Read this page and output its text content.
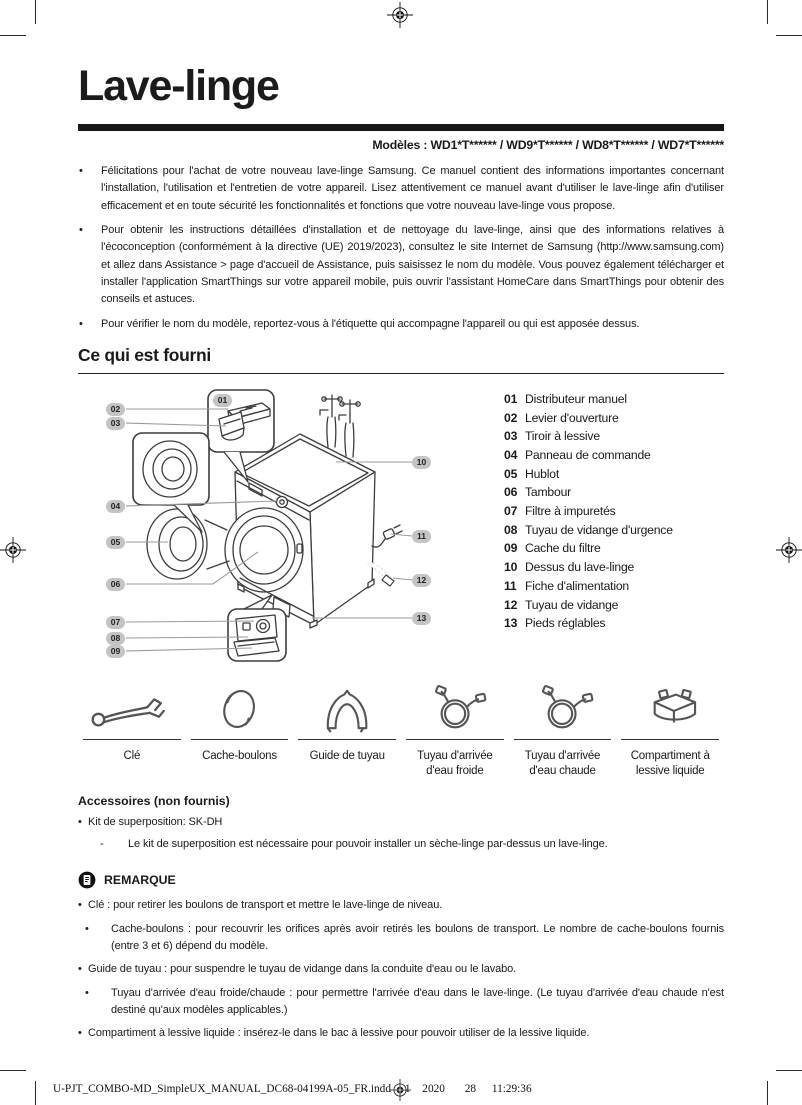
Lave-linge
Modèles : WD1*T****** / WD9*T****** / WD8*T****** / WD7*T******
• Félicitations pour l'achat de votre nouveau lave-linge Samsung. Ce manuel contient des informations importantes concernant l'installation, l'utilisation et l'entretien de votre appareil. Lisez attentivement ce manuel avant d'utiliser le lave-linge afin d'utiliser efficacement et en toute sécurité les fonctionnalités et fonctions que votre nouveau lave-linge vous propose.
• Pour obtenir les instructions détaillées d'installation et de nettoyage du lave-linge, ainsi que des informations relatives à l'écoconception (conformément à la directive (UE) 2019/2023), consultez le site Internet de Samsung (http://www.samsung.com) et allez dans Assistance > page d'accueil de Assistance, puis saisissez le nom du modèle. Vous pouvez également télécharger et installer l'application SmartThings sur votre appareil mobile, puis ouvrir l'assistant HomeCare dans SmartThings pour obtenir des conseils et astuces.
• Pour vérifier le nom du modèle, reportez-vous à l'étiquette qui accompagne l'appareil ou qui est apposée dessus.
Ce qui est fourni
01
02
03
04
05
06
07
08
09
10
11
12
13
01 Distributeur manuel
02 Levier d'ouverture
03 Tiroir à lessive
04 Panneau de commande
05 Hublot
06 Tambour
07 Filtre à impuretés
08 Tuyau de vidange d'urgence
09 Cache du filtre
10 Dessus du lave-linge
11 Fiche d'alimentation
12 Tuyau de vidange
13 Pieds réglables
Clé	Cache-boulons	Guide de tuyau	Tuyau d'arrivée
d'eau froide
Tuyau d'arrivée
d'eau chaude
Compartiment à
lessive liquide
Accessoires (non fournis)
• Kit de superposition: SK-DH
- Le kit de superposition est nécessaire pour pouvoir installer un sèche-linge par-dessus un lave-linge.
REMARQUE
• Clé : pour retirer les boulons de transport et mettre le lave-linge de niveau.
• Cache-boulons : pour recouvrir les orifices après avoir retirés les boulons de transport. Le nombre de cache-boulons fournis (entre 3 et 6) dépend du modèle.
• Guide de tuyau : pour suspendre le tuyau de vidange dans la conduite d'eau ou le lavabo.
• Tuyau d'arrivée d'eau froide/chaude : pour permettre l'arrivée d'eau dans le lave-linge. (Le tuyau d'arrivée d'eau chaude n'est destiné qu'aux modèles applicables.)
• Compartiment à lessive liquide : insérez-le dans le bac à lessive pour pouvoir utiliser de la lessive liquide.
U-PJT_COMBO-MD_SimpleUX_MANUAL_DC68-04199A-05_FR.indd 1 2020 28 11:29:36
